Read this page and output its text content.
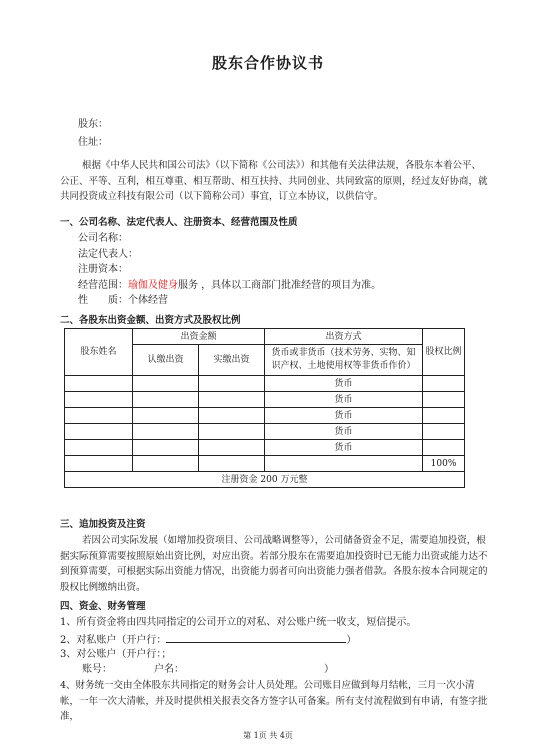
股东合作协议书
股东：
住址：
根据《中华人民共和国公司法》（以下简称《公司法》）和其他有关法律法规，各股东本着公平、公正、平等、互利，相互尊重、相互帮助、相互扶持、共同创业、共同致富的原则，经过友好协商，就共同投资成立科技有限公司（以下简称公司）事宜，订立本协议，以供信守。
一、公司名称、法定代表人、注册资本、经营范围及性质
公司名称：
法定代表人：
注册资本：
经营范围：瑜伽及健身服务 ，具体以工商部门批准经营的项目为准。
性　　质：个体经营
二、各股东出资金额、出资方式及股权比例
股东姓名	出资金额		出资方式	股权比例
	认缴出资	实缴出资	货币或非货币（技术劳务、实物、知识产权、土地使用权等非货币作价）	
			货币	
			货币	
			货币	
			货币	
			货币	
				100%
注册资金 200 万元整				
三、追加投资及注资
若因公司实际发展（如增加投资项目、公司战略调整等），公司储备资金不足，需要追加投资，根据实际预算需要按照原始出资比例，对应出资。若部分股东在需要追加投资时已无能力出资或能力达不到预算需要，可根据实际出资能力情况，出资能力弱者可向出资能力强者借款。各股东按本合同规定的股权比例缴纳出资。
四、资金、财务管理
1、所有资金将由四共同指定的公司开立的对私、对公账户统一收支，短信提示。
2、对私账户（开户行：	）
3、对公账户（开户行：；
账号：	户名：	）
4、财务统一交由全体股东共同指定的财务会计人员处理。公司账目应做到每月结帐，三月一次小清帐，一年一次大清帐，并及时提供相关报表交各方签字认可备案。所有支付流程做到有申请，有签字批准，
第 1页 共 4页
